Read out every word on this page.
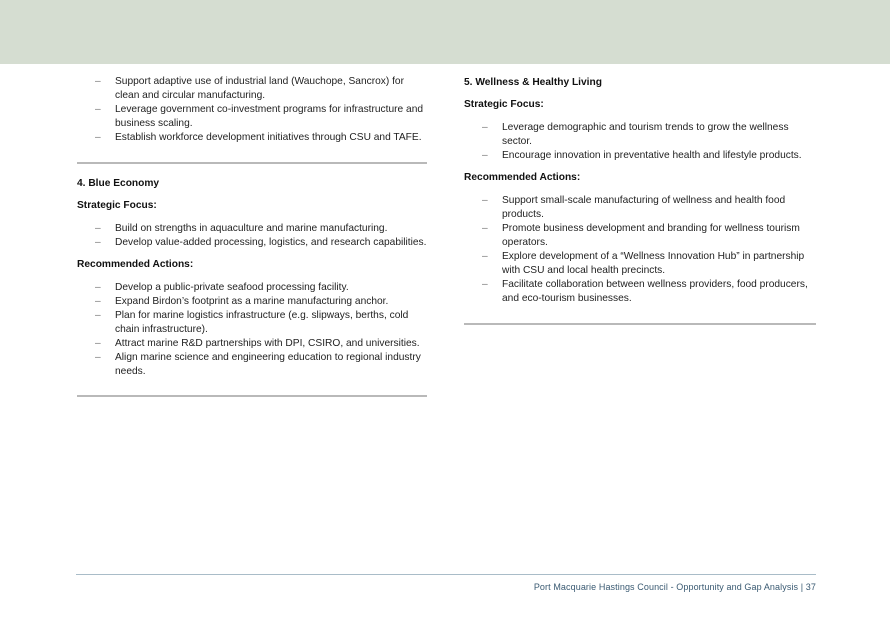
– Support adaptive use of industrial land (Wauchope, Sancrox) for clean and circular manufacturing.
– Leverage government co-investment programs for infrastructure and business scaling.
– Establish workforce development initiatives through CSU and TAFE.
4. Blue Economy

Strategic Focus:

– Build on strengths in aquaculture and marine manufacturing.
– Develop value-added processing, logistics, and research capabilities.

Recommended Actions:

– Develop a public-private seafood processing facility.
– Expand Birdon’s footprint as a marine manufacturing anchor.
– Plan for marine logistics infrastructure (e.g. slipways, berths, cold chain infrastructure).
– Attract marine R&D partnerships with DPI, CSIRO, and universities.
– Align marine science and engineering education to regional industry needs.
5. Wellness & Healthy Living

Strategic Focus:

– Leverage demographic and tourism trends to grow the wellness sector.
– Encourage innovation in preventative health and lifestyle products.

Recommended Actions:

– Support small-scale manufacturing of wellness and health food products.
– Promote business development and branding for wellness tourism operators.
– Explore development of a “Wellness Innovation Hub” in partnership with CSU and local health precincts.
– Facilitate collaboration between wellness providers, food producers, and eco-tourism businesses.
Port Macquarie Hastings Council - Opportunity and Gap Analysis | 37
